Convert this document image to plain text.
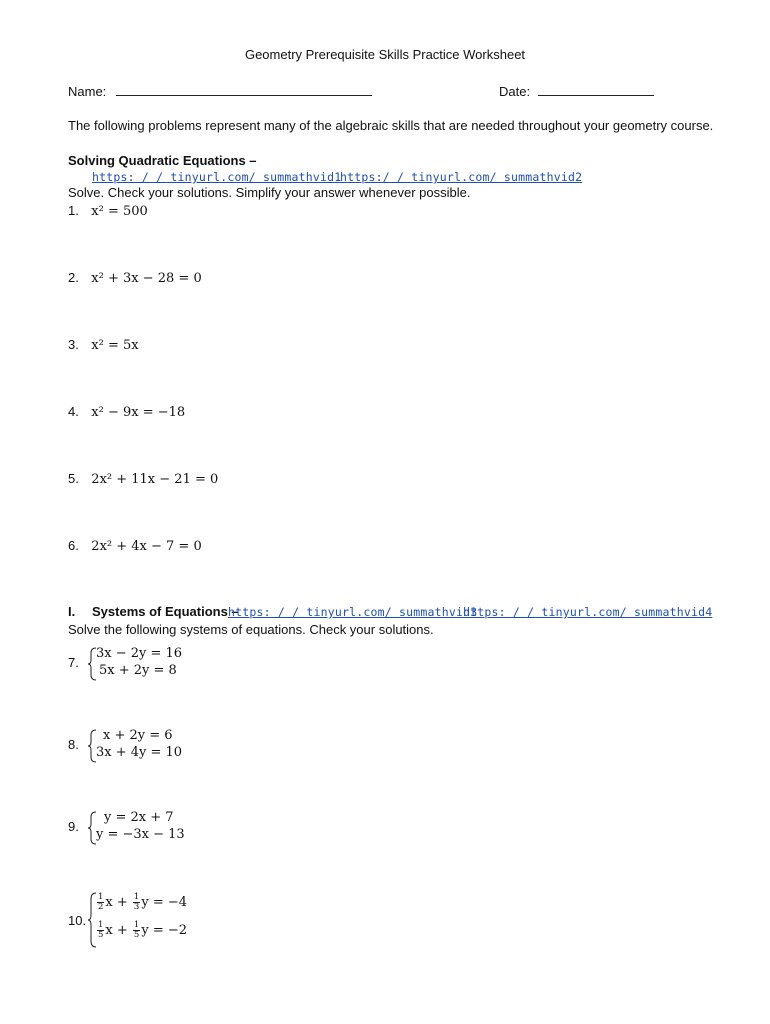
Geometry Prerequisite Skills Practice Worksheet
Name:	Date:
The following problems represent many of the algebraic skills that are needed throughout your geometry course.
Solving Quadratic Equations –
https: / / tinyurl.com/ summathvid1
https:/ / tinyurl.com/ summathvid2
Solve. Check your solutions. Simplify your answer whenever possible.
1. x² = 500
2. x² + 3x − 28 = 0
3. x² = 5x
4. x² − 9x = −18
5. 2x² + 11x − 21 = 0
6. 2x² + 4x − 7 = 0
I. Systems of Equations –
https: / / tinyurl.com/ summathvid3
https: / / tinyurl.com/ summathvid4
Solve the following systems of equations. Check your solutions.
7.
3x − 2y = 16
5x + 2y = 8
8.
x + 2y = 6
3x + 4y = 10
9.
y = 2x + 7
y = −3x − 13
10.
$\frac{1}{2}$ $x + \frac{1}{3}$ y = −4
$\frac{1}{5}$ $x + \frac{1}{5}$ y = −2
